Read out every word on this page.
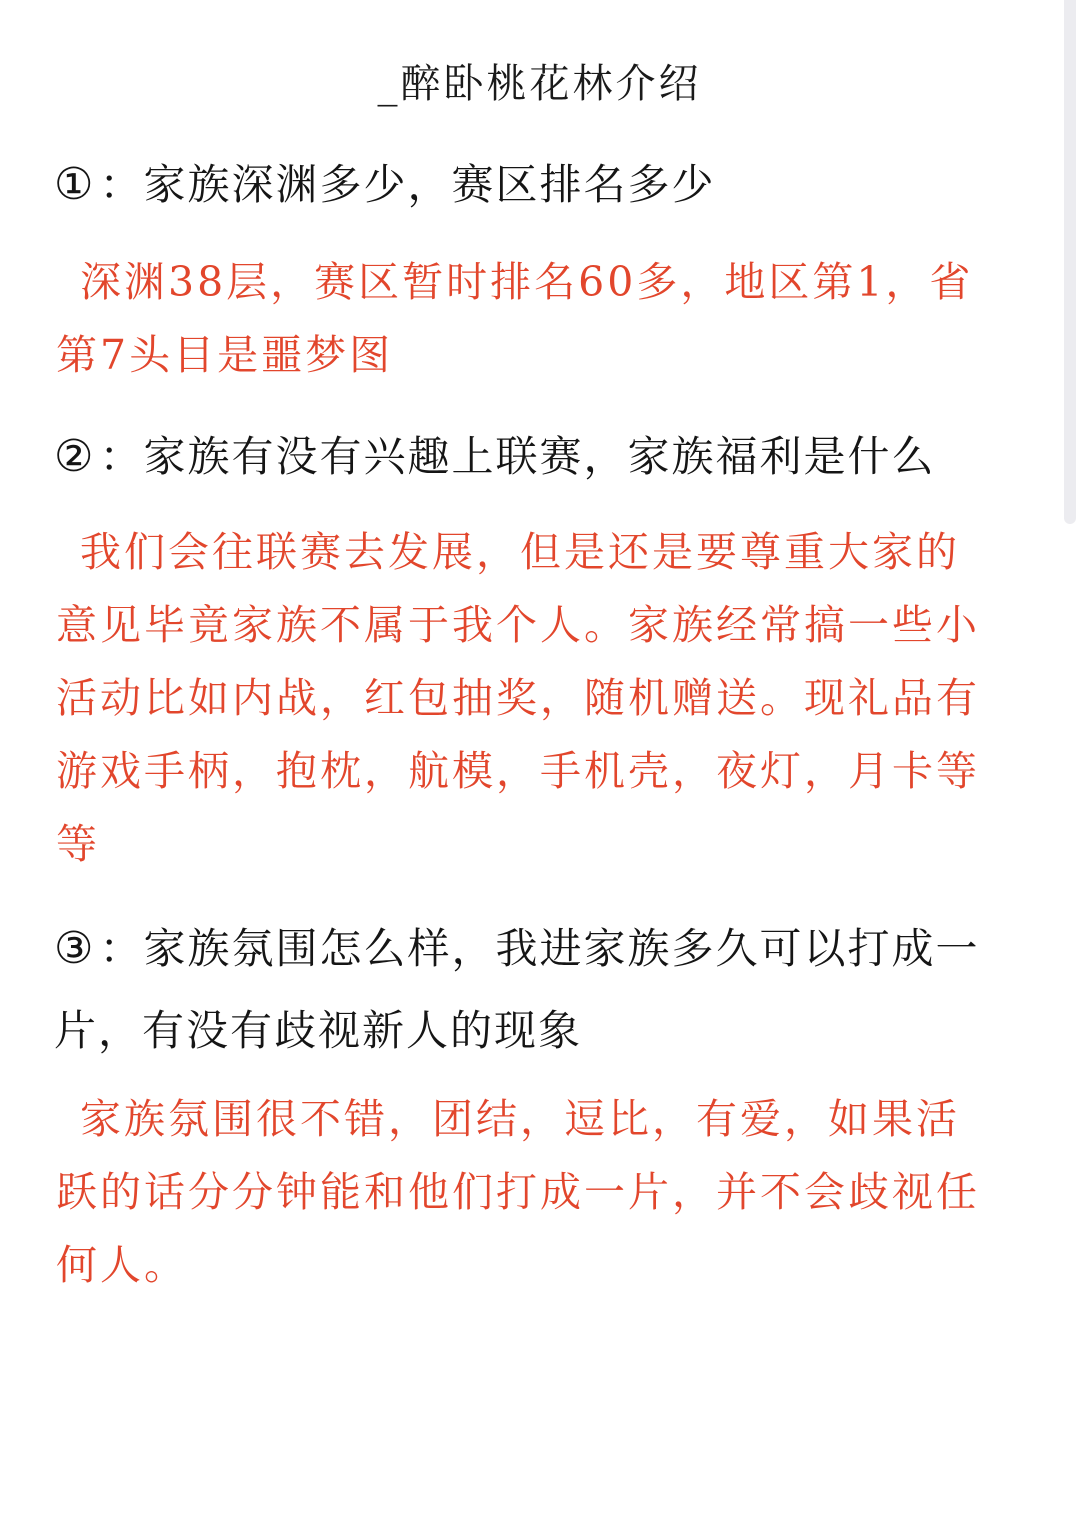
_醉卧桃花林介绍
①：家族深渊多少，赛区排名多少
深渊38层，赛区暂时排名60多，地区第1，省第7头目是噩梦图
②：家族有没有兴趣上联赛，家族福利是什么
我们会往联赛去发展，但是还是要尊重大家的意见毕竟家族不属于我个人。家族经常搞一些小活动比如内战，红包抽奖，随机赠送。现礼品有游戏手柄，抱枕，航模，手机壳，夜灯，月卡等等
③：家族氛围怎么样，我进家族多久可以打成一片，有没有歧视新人的现象
家族氛围很不错，团结，逗比，有爱，如果活跃的话分分钟能和他们打成一片，并不会歧视任何人。
